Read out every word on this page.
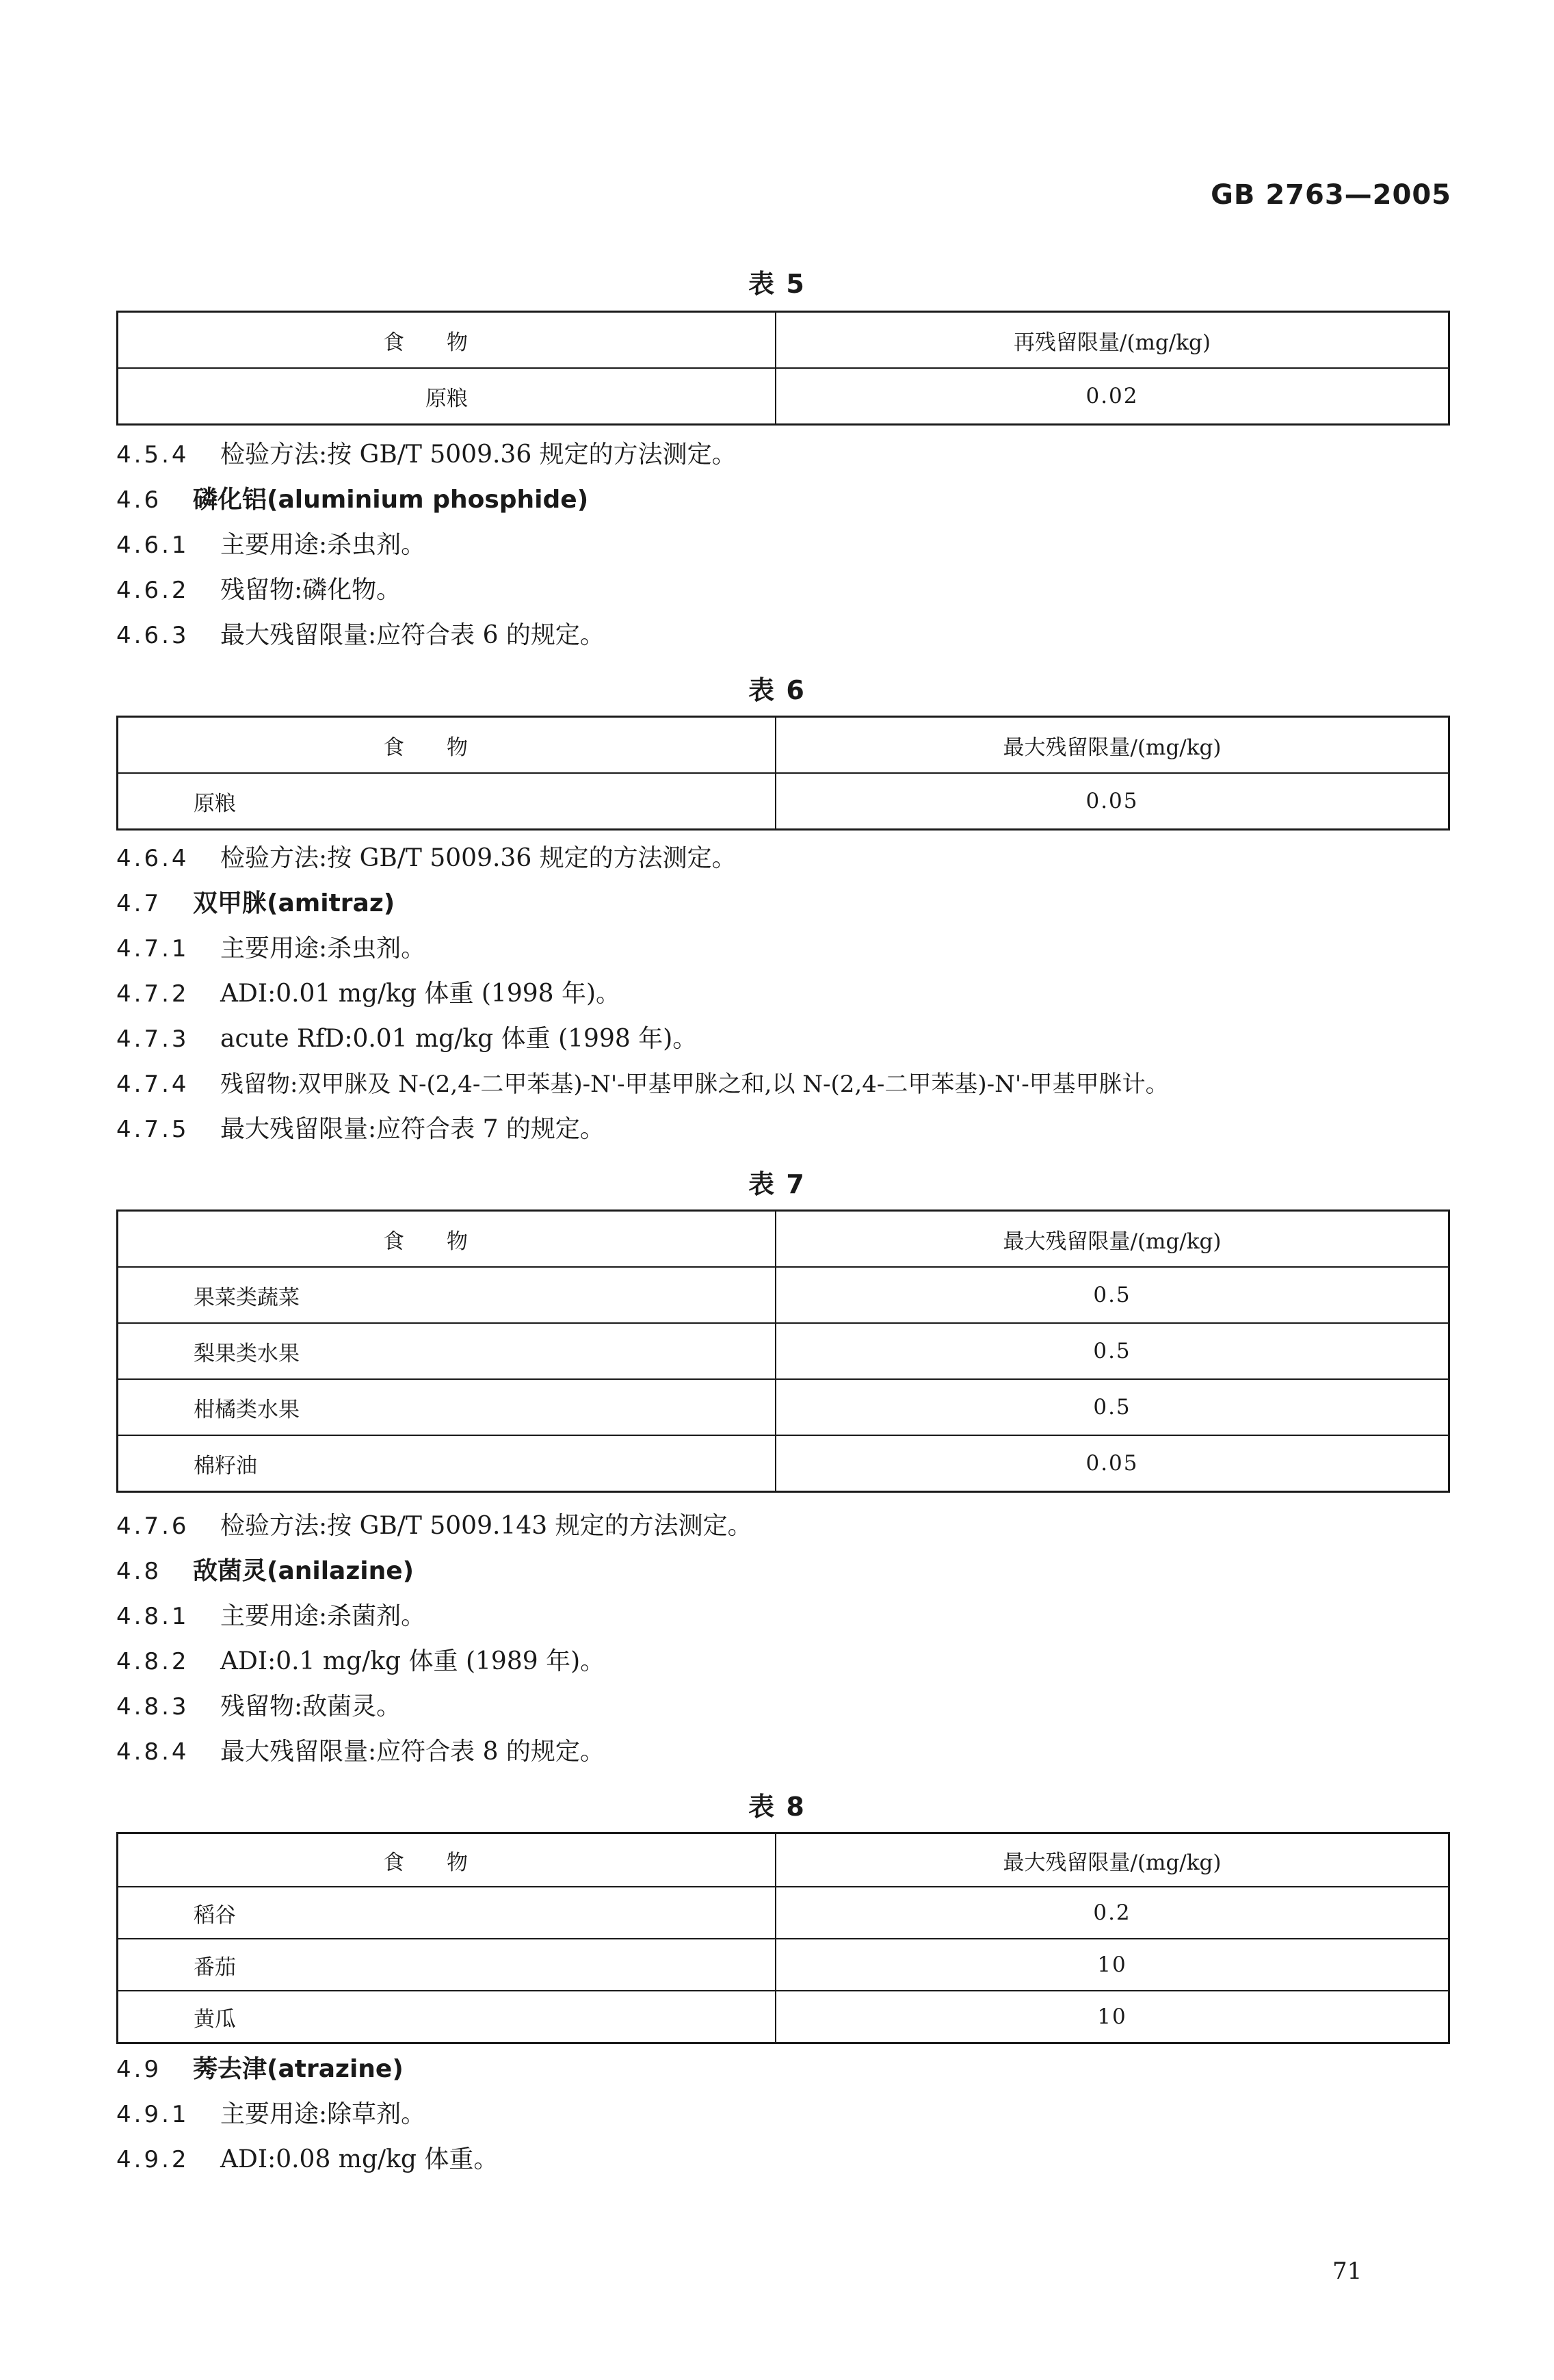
GB 2763—2005
表 5
食物	再残留限量/(mg/kg)
原粮	0.02
4.5.4 检验方法:按 GB/T 5009.36 规定的方法测定。
4.6 磷化铝(aluminium phosphide)
4.6.1 主要用途:杀虫剂。
4.6.2 残留物:磷化物。
4.6.3 最大残留限量:应符合表 6 的规定。
表 6
食物	最大残留限量/(mg/kg)
原粮	0.05
4.6.4 检验方法:按 GB/T 5009.36 规定的方法测定。
4.7 双甲脒(amitraz)
4.7.1 主要用途:杀虫剂。
4.7.2 ADI:0.01 mg/kg 体重 (1998 年)。
4.7.3 acute RfD:0.01 mg/kg 体重 (1998 年)。
4.7.4 残留物:双甲脒及 N-(2,4-二甲苯基)-N'-甲基甲脒之和,以 N-(2,4-二甲苯基)-N'-甲基甲脒计。
4.7.5 最大残留限量:应符合表 7 的规定。
表 7
食物	最大残留限量/(mg/kg)
果菜类蔬菜	0.5
梨果类水果	0.5
柑橘类水果	0.5
棉籽油	0.05
4.7.6 检验方法:按 GB/T 5009.143 规定的方法测定。
4.8 敌菌灵(anilazine)
4.8.1 主要用途:杀菌剂。
4.8.2 ADI:0.1 mg/kg 体重 (1989 年)。
4.8.3 残留物:敌菌灵。
4.8.4 最大残留限量:应符合表 8 的规定。
表 8
食物	最大残留限量/(mg/kg)
稻谷	0.2
番茄	10
黄瓜	10
4.9 莠去津(atrazine)
4.9.1 主要用途:除草剂。
4.9.2 ADI:0.08 mg/kg 体重。
71
